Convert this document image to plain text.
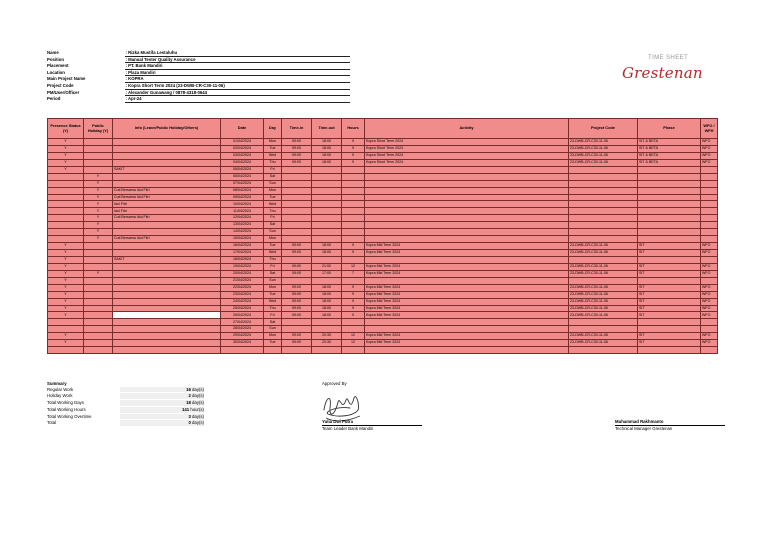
Name	: Rizka Mustifa Lestaluhu
Position	: Manual Tester Quality Assurance
Placement	: PT. Bank Mandiri
Location	: Plaza Mandiri
Main Project Name	: KOPRA
Project Code	: Kopra Short Term 2024 (23-DWB-CR-C30-11-06)
PM/User/Officer	: Alexander Gunawang / 0878-4318-0644
Period	: Apr-24
TIME SHEET
Grestenan
Presence Status (Y)	Public Holiday (Y)	Info (Leave/Public Holiday/Others)	Date	Day	Time-in	Time-out	Hours	Activity	Project Code	Phase	WFO / WFH
Y			01/04/2024	Mon	09:00	18:00	9	Kopra Short Term 2024	23-DWB-CR-C30-11-06	SIT & BETA	WFO
Y			02/04/2024	Tue	09:00	18:00	9	Kopra Short Term 2024	23-DWB-CR-C30-11-06	SIT & BETA	WFO
Y			03/04/2024	Wed	09:00	18:00	9	Kopra Short Term 2024	23-DWB-CR-C30-11-06	SIT & BETA	WFO
Y			04/04/2024	Thu	09:00	18:00	9	Kopra Short Term 2024	23-DWB-CR-C30-11-06	SIT & BETA	WFO
Y		SAKIT	05/04/2024	Fri							
	Y		06/04/2024	Sat							
	Y		07/04/2024	Sun							
	Y	Cuti Bersama Idul Fitri	08/04/2024	Mon							
	Y	Cuti Bersama Idul Fitri	09/04/2024	Tue							
	Y	Idul Fitri	10/04/2024	Wed							
	Y	Idul Fitri	11/04/2024	Thu							
	Y	Cuti Bersama Idul Fitri	12/04/2024	Fri							
	Y		13/04/2024	Sat							
	Y		14/04/2024	Sun							
	Y	Cuti Bersama Idul Fitri	15/04/2024	Mon							
Y			16/04/2024	Tue	09:00	18:00	9	Kopra Mid Term 2024	23-DWB-CR-C30-11-06	SIT	WFO
Y			17/04/2024	Wed	09:00	18:00	9	Kopra Mid Term 2024	23-DWB-CR-C30-11-06	SIT	WFO
Y		SAKIT	18/04/2024	Thu							
Y			19/04/2024	Fri	09:00	21:00	12	Kopra Mid Term 2024	23-DWB-CR-C30-11-06	SIT	WFO
Y	Y		20/04/2024	Sat	09:00	17:00	7	Kopra Mid Term 2024	23-DWB-CR-C30-11-06	SIT	WFO
Y			21/04/2024	Sun							
Y			22/04/2024	Mon	09:00	18:00	9	Kopra Mid Term 2024	23-DWB-CR-C30-11-06	SIT	WFO
Y			23/04/2024	Tue	09:00	18:00	9	Kopra Mid Term 2024	23-DWB-CR-C30-11-06	SIT	WFO
Y			24/04/2024	Wed	09:00	18:00	9	Kopra Mid Term 2024	23-DWB-CR-C30-11-06	SIT	WFO
Y			25/04/2024	Thu	09:00	18:00	9	Kopra Mid Term 2024	23-DWB-CR-C30-11-06	SIT	WFO
Y			26/04/2024	Fri	09:00	18:00	9	Kopra Mid Term 2024	23-DWB-CR-C30-11-06	SIT	WFO
			27/04/2024	Sat							
			28/04/2024	Sun							
Y			29/04/2024	Mon	09:00	20:30	12	Kopra Mid Term 2024	23-DWB-CR-C30-11-06	SIT	WFO
Y			30/04/2024	Tue	09:00	20:30	12	Kopra Mid Term 2024	23-DWB-CR-C30-11-06	SIT	WFO

Summary
Regular Work	16 day(s)
Holiday Work	2 day(s)
Total Working Days	18 day(s)
Total Working Hours	141 hour(s)
Total Working Overtime	3 day(s)
Total	0 day(s)
Approved By
Yulia Dwi Putra
Team Leader Bank Mandiri
Muhammad Rakhmanto
Technical Manager Grestenan
